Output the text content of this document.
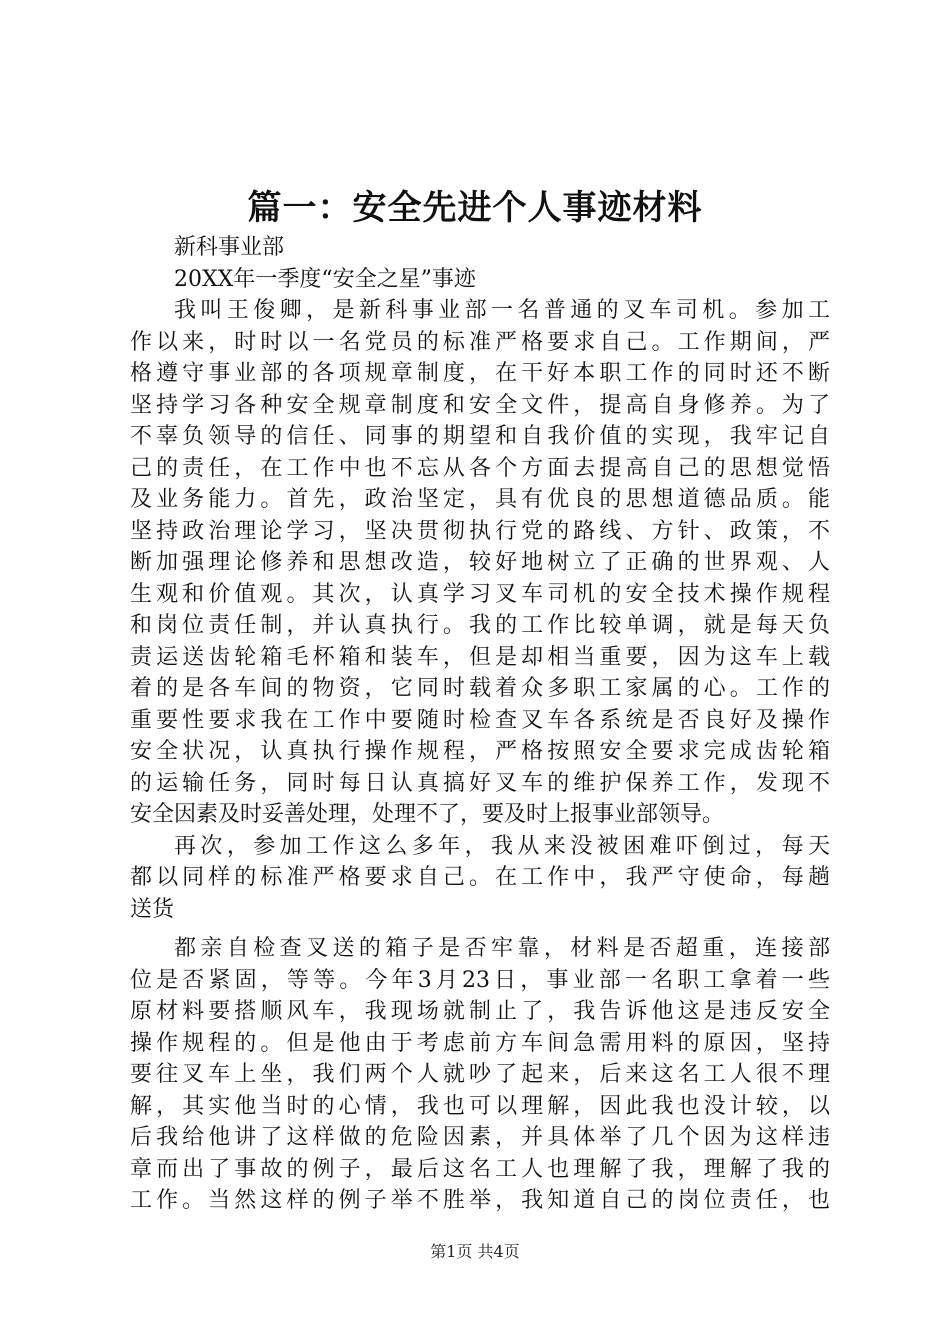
篇一：安全先进个人事迹材料
新科事业部
20XX年一季度“安全之星”事迹
我叫王俊卿，是新科事业部一名普通的叉车司机。参加工
作以来，时时以一名党员的标准严格要求自己。工作期间，严
格遵守事业部的各项规章制度，在干好本职工作的同时还不断
坚持学习各种安全规章制度和安全文件，提高自身修养。为了
不辜负领导的信任、同事的期望和自我价值的实现，我牢记自
己的责任，在工作中也不忘从各个方面去提高自己的思想觉悟
及业务能力。首先，政治坚定，具有优良的思想道德品质。能
坚持政治理论学习，坚决贯彻执行党的路线、方针、政策，不
断加强理论修养和思想改造，较好地树立了正确的世界观、人
生观和价值观。其次，认真学习叉车司机的安全技术操作规程
和岗位责任制，并认真执行。我的工作比较单调，就是每天负
责运送齿轮箱毛杯箱和装车，但是却相当重要，因为这车上载
着的是各车间的物资，它同时载着众多职工家属的心。工作的
重要性要求我在工作中要随时检查叉车各系统是否良好及操作
安全状况，认真执行操作规程，严格按照安全要求完成齿轮箱
的运输任务，同时每日认真搞好叉车的维护保养工作，发现不
安全因素及时妥善处理，处理不了，要及时上报事业部领导。
再次，参加工作这么多年，我从来没被困难吓倒过，每天
都以同样的标准严格要求自己。在工作中，我严守使命，每趟
送货
都亲自检查叉送的箱子是否牢靠，材料是否超重，连接部
位是否紧固，等等。今年3月23日，事业部一名职工拿着一些
原材料要搭顺风车，我现场就制止了，我告诉他这是违反安全
操作规程的。但是他由于考虑前方车间急需用料的原因，坚持
要往叉车上坐，我们两个人就吵了起来，后来这名工人很不理
解，其实他当时的心情，我也可以理解，因此我也没计较，以
后我给他讲了这样做的危险因素，并具体举了几个因为这样违
章而出了事故的例子，最后这名工人也理解了我，理解了我的
工作。当然这样的例子举不胜举，我知道自己的岗位责任，也
第1页 共4页
